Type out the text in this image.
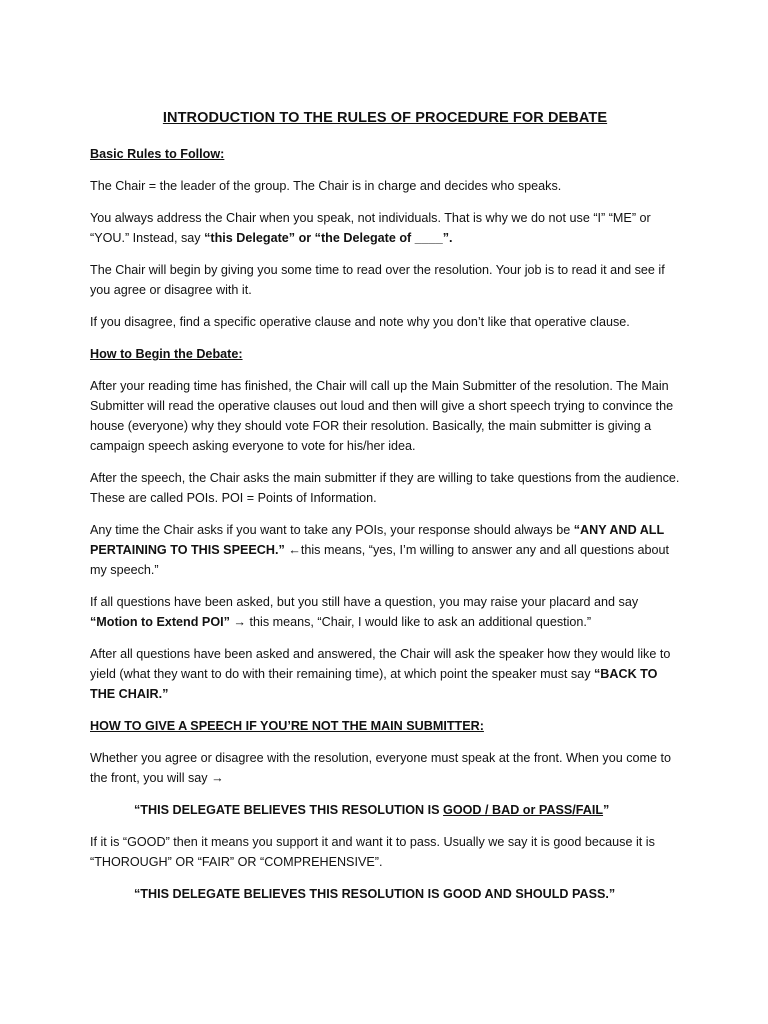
INTRODUCTION TO THE RULES OF PROCEDURE FOR DEBATE
Basic Rules to Follow:
The Chair = the leader of the group. The Chair is in charge and decides who speaks.
You always address the Chair when you speak, not individuals. That is why we do not use “I” “ME” or “YOU.” Instead, say “this Delegate” or “the Delegate of ____”.
The Chair will begin by giving you some time to read over the resolution. Your job is to read it and see if you agree or disagree with it.
If you disagree, find a specific operative clause and note why you don’t like that operative clause.
How to Begin the Debate:
After your reading time has finished, the Chair will call up the Main Submitter of the resolution. The Main Submitter will read the operative clauses out loud and then will give a short speech trying to convince the house (everyone) why they should vote FOR their resolution. Basically, the main submitter is giving a campaign speech asking everyone to vote for his/her idea.
After the speech, the Chair asks the main submitter if they are willing to take questions from the audience. These are called POIs. POI = Points of Information.
Any time the Chair asks if you want to take any POIs, your response should always be “ANY AND ALL PERTAINING TO THIS SPEECH.” ←this means, “yes, I’m willing to answer any and all questions about my speech.”
If all questions have been asked, but you still have a question, you may raise your placard and say “Motion to Extend POI” → this means, “Chair, I would like to ask an additional question.”
After all questions have been asked and answered, the Chair will ask the speaker how they would like to yield (what they want to do with their remaining time), at which point the speaker must say “BACK TO THE CHAIR.”
HOW TO GIVE A SPEECH IF YOU’RE NOT THE MAIN SUBMITTER:
Whether you agree or disagree with the resolution, everyone must speak at the front. When you come to the front, you will say →
“THIS DELEGATE BELIEVES THIS RESOLUTION IS GOOD / BAD or PASS/FAIL”
If it is “GOOD” then it means you support it and want it to pass. Usually we say it is good because it is “THOROUGH” OR “FAIR” OR “COMPREHENSIVE”.
“THIS DELEGATE BELIEVES THIS RESOLUTION IS GOOD AND SHOULD PASS.”
